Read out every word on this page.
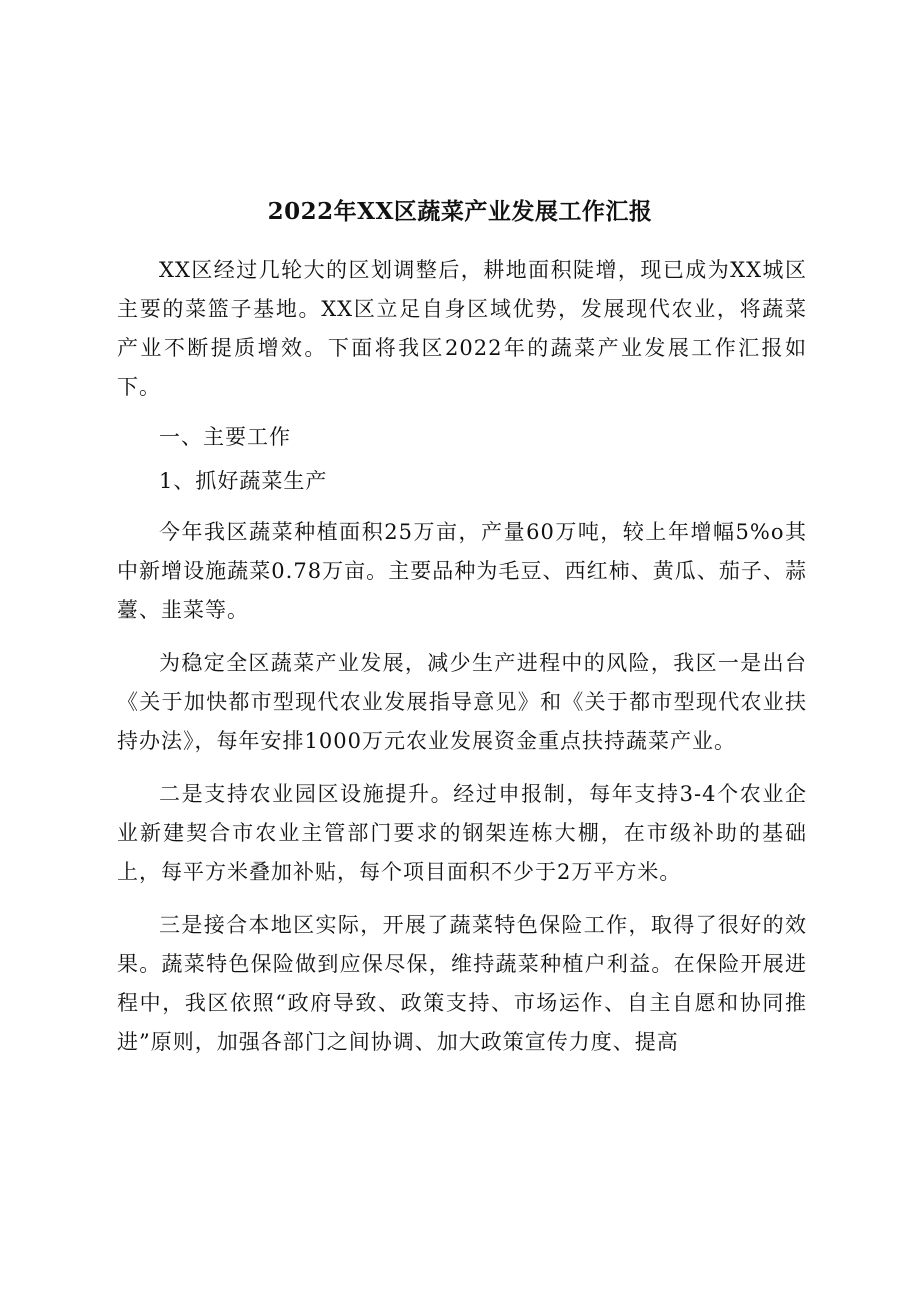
2022年XX区蔬菜产业发展工作汇报

XX区经过几轮大的区划调整后，耕地面积陡增，现已成为XX城区主要的菜篮子基地。XX区立足自身区域优势，发展现代农业，将蔬菜产业不断提质增效。下面将我区2022年的蔬菜产业发展工作汇报如下。

一、主要工作
1、抓好蔬菜生产

今年我区蔬菜种植面积25万亩，产量60万吨，较上年增幅5%o其中新增设施蔬菜0.78万亩。主要品种为毛豆、西红柿、黄瓜、茄子、蒜薹、韭菜等。

为稳定全区蔬菜产业发展，减少生产进程中的风险，我区一是出台《关于加快都市型现代农业发展指导意见》和《关于都市型现代农业扶持办法》，每年安排1000万元农业发展资金重点扶持蔬菜产业。

二是支持农业园区设施提升。经过申报制，每年支持3-4个农业企业新建契合市农业主管部门要求的钢架连栋大棚，在市级补助的基础上，每平方米叠加补贴，每个项目面积不少于2万平方米。

三是接合本地区实际，开展了蔬菜特色保险工作，取得了很好的效果。蔬菜特色保险做到应保尽保，维持蔬菜种植户利益。在保险开展进程中，我区依照“政府导致、政策支持、市场运作、自主自愿和协同推进”原则，加强各部门之间协调、加大政策宣传力度、提高
